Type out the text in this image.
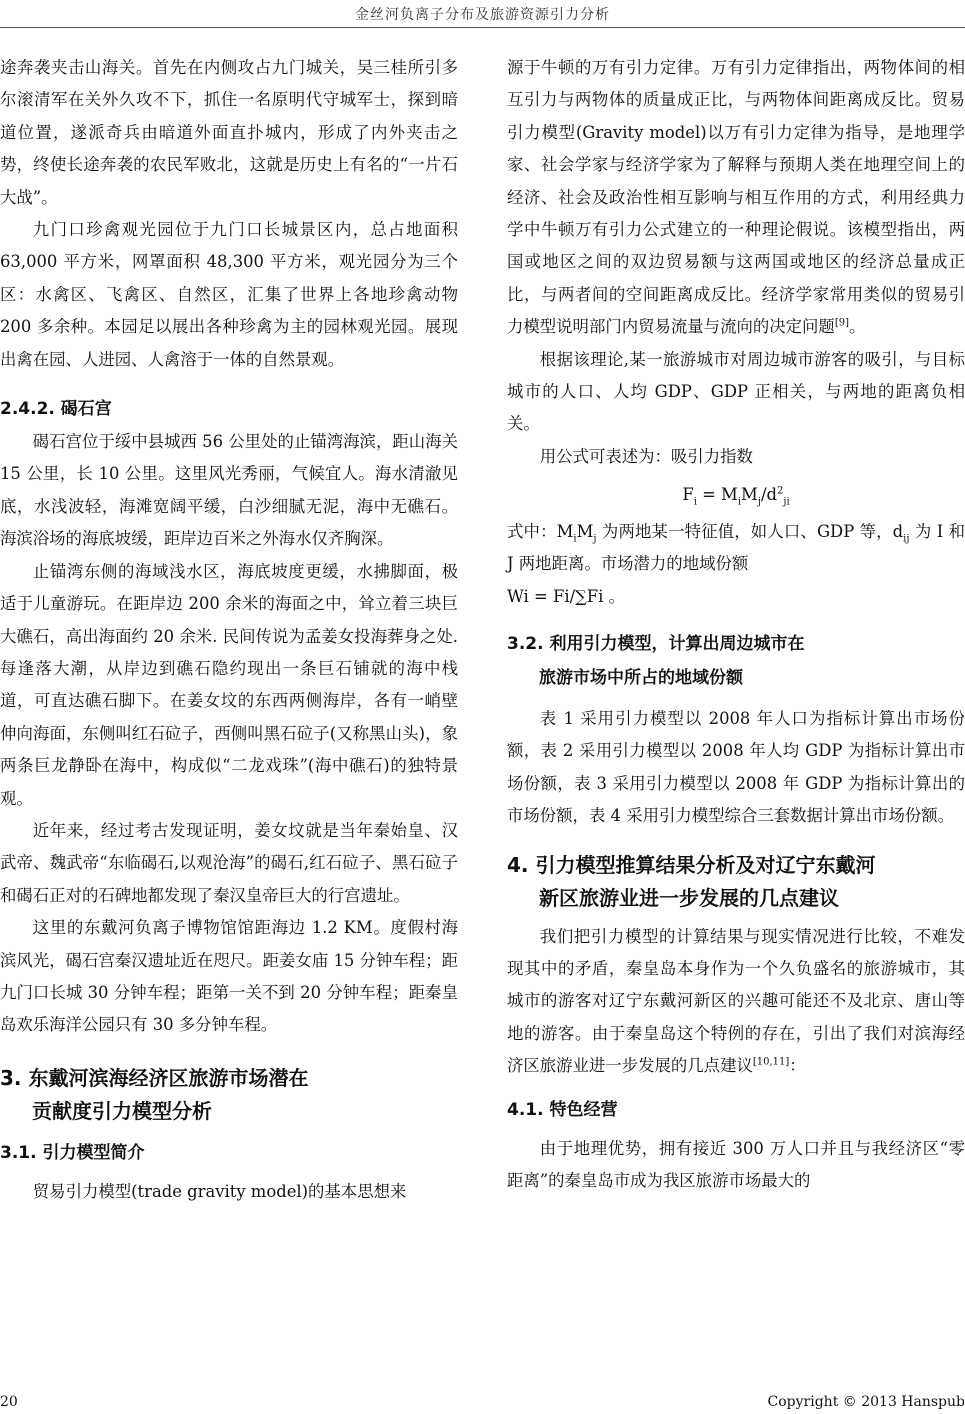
金丝河负离子分布及旅游资源引力分析

途奔袭夹击山海关。首先在内侧攻占九门城关，吴三桂所引多尔滚清军在关外久攻不下，抓住一名原明代守城军士，探到暗道位置，遂派奇兵由暗道外面直扑城内，形成了内外夹击之势，终使长途奔袭的农民军败北，这就是历史上有名的“一片石大战”。

九门口珍禽观光园位于九门口长城景区内，总占地面积 63,000 平方米，网罩面积 48,300 平方米，观光园分为三个区：水禽区、飞禽区、自然区，汇集了世界上各地珍禽动物 200 多余种。本园足以展出各种珍禽为主的园林观光园。展现出禽在园、人进园、人禽溶于一体的自然景观。

2.4.2. 碣石宫

碣石宫位于绥中县城西 56 公里处的止锚湾海滨，距山海关 15 公里，长 10 公里。这里风光秀丽，气候宜人。海水清澈见底，水浅波轻，海滩宽阔平缓，白沙细腻无泥，海中无礁石。海滨浴场的海底坡缓，距岸边百米之外海水仅齐胸深。

止锚湾东侧的海域浅水区，海底坡度更缓，水拂脚面，极适于儿童游玩。在距岸边 200 余米的海面之中，耸立着三块巨大礁石，高出海面约 20 余米. 民间传说为孟姜女投海葬身之处.每逢落大潮，从岸边到礁石隐约现出一条巨石铺就的海中栈道，可直达礁石脚下。在姜女坟的东西两侧海岸，各有一峭壁伸向海面，东侧叫红石砬子，西侧叫黑石砬子(又称黑山头)，象两条巨龙静卧在海中，构成似“二龙戏珠”(海中礁石)的独特景观。

近年来，经过考古发现证明，姜女坟就是当年秦始皇、汉武帝、魏武帝“东临碣石,以观沧海”的碣石,红石砬子、黑石砬子和碣石正对的石碑地都发现了秦汉皇帝巨大的行宫遗址。

这里的东戴河负离子博物馆馆距海边 1.2 KM。度假村海滨风光，碣石宫秦汉遗址近在咫尺。距姜女庙 15 分钟车程；距九门口长城 30 分钟车程；距第一关不到 20 分钟车程；距秦皇岛欢乐海洋公园只有 30 多分钟车程。

3. 东戴河滨海经济区旅游市场潜在
贡献度引力模型分析
3.1. 引力模型简介

贸易引力模型(trade gravity model)的基本思想来

源于牛顿的万有引力定律。万有引力定律指出，两物体间的相互引力与两物体的质量成正比，与两物体间距离成反比。贸易引力模型(Gravity model)以万有引力定律为指导，是地理学家、社会学家与经济学家为了解释与预期人类在地理空间上的经济、社会及政治性相互影响与相互作用的方式，利用经典力学中牛顿万有引力公式建立的一种理论假说。该模型指出，两国或地区之间的双边贸易额与这两国或地区的经济总量成正比，与两者间的空间距离成反比。经济学家常用类似的贸易引力模型说明部门内贸易流量与流向的决定问题[9]。

根据该理论,某一旅游城市对周边城市游客的吸引，与目标城市的人口、人均 GDP、GDP 正相关，与两地的距离负相关。

用公式可表述为：吸引力指数

$F_i = M_iM_j/d^2_{ji}$

式中：$M_iM_j$ 为两地某一特征值，如人口、GDP 等，$d_{ij}$ 为 I 和 J 两地距离。市场潜力的地域份额

Wi = Fi/∑Fi 。

3.2. 利用引力模型，计算出周边城市在
旅游市场中所占的地域份额

表 1 采用引力模型以 2008 年人口为指标计算出市场份额，表 2 采用引力模型以 2008 年人均 GDP 为指标计算出市场份额，表 3 采用引力模型以 2008 年 GDP 为指标计算出的市场份额，表 4 采用引力模型综合三套数据计算出市场份额。

4. 引力模型推算结果分析及对辽宁东戴河
新区旅游业进一步发展的几点建议

我们把引力模型的计算结果与现实情况进行比较，不难发现其中的矛盾，秦皇岛本身作为一个久负盛名的旅游城市，其城市的游客对辽宁东戴河新区的兴趣可能还不及北京、唐山等地的游客。由于秦皇岛这个特例的存在，引出了我们对滨海经济区旅游业进一步发展的几点建议[10,11]：

4.1. 特色经营

由于地理优势，拥有接近 300 万人口并且与我经济区“零距离”的秦皇岛市成为我区旅游市场最大的

20	Copyright © 2013 Hanspub
